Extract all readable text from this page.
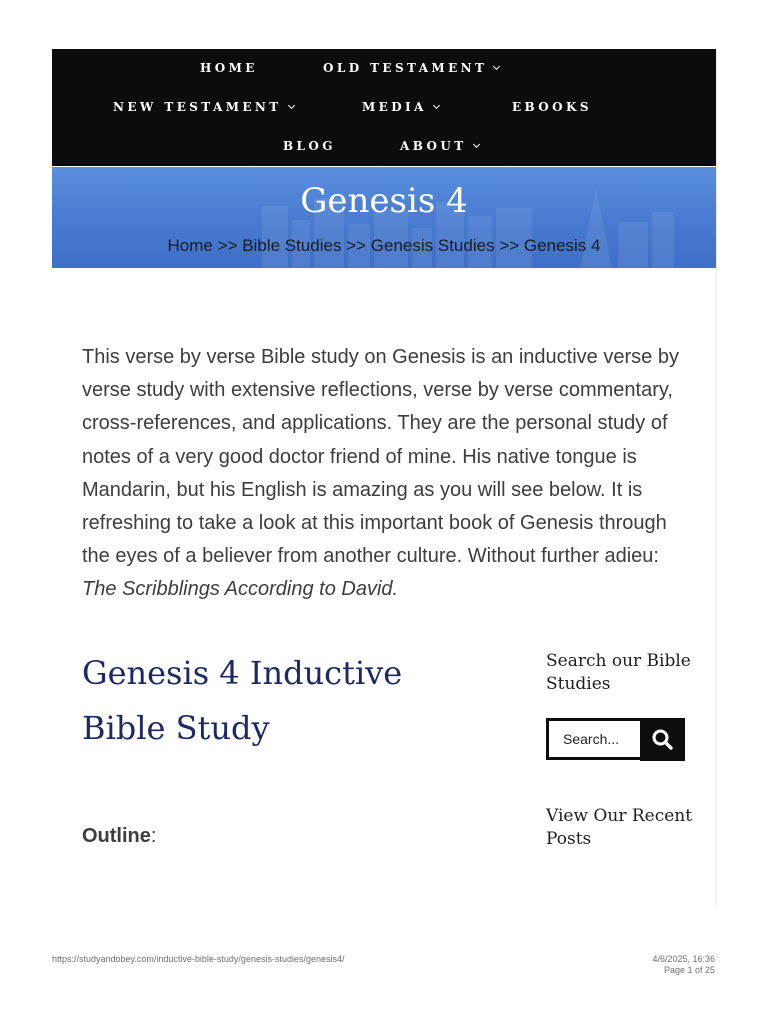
HOME	OLD TESTAMENT
NEW TESTAMENT	MEDIA	EBOOKS
BLOG	ABOUT
Genesis 4
Home >> Bible Studies >> Genesis Studies >> Genesis 4

This verse by verse Bible study on Genesis is an inductive verse by verse study with extensive reflections, verse by verse commentary, cross-references, and applications. They are the personal study of notes of a very good doctor friend of mine. His native tongue is Mandarin, but his English is amazing as you will see below. It is refreshing to take a look at this important book of Genesis through the eyes of a believer from another culture. Without further adieu: The Scribblings According to David.

Genesis 4 Inductive Bible Study
Outline:
Search our Bible Studies
Search...
View Our Recent Posts
https://studyandobey.com/inductive-bible-study/genesis-studies/genesis4/	4/6/2025, 16:36
Page 1 of 25
